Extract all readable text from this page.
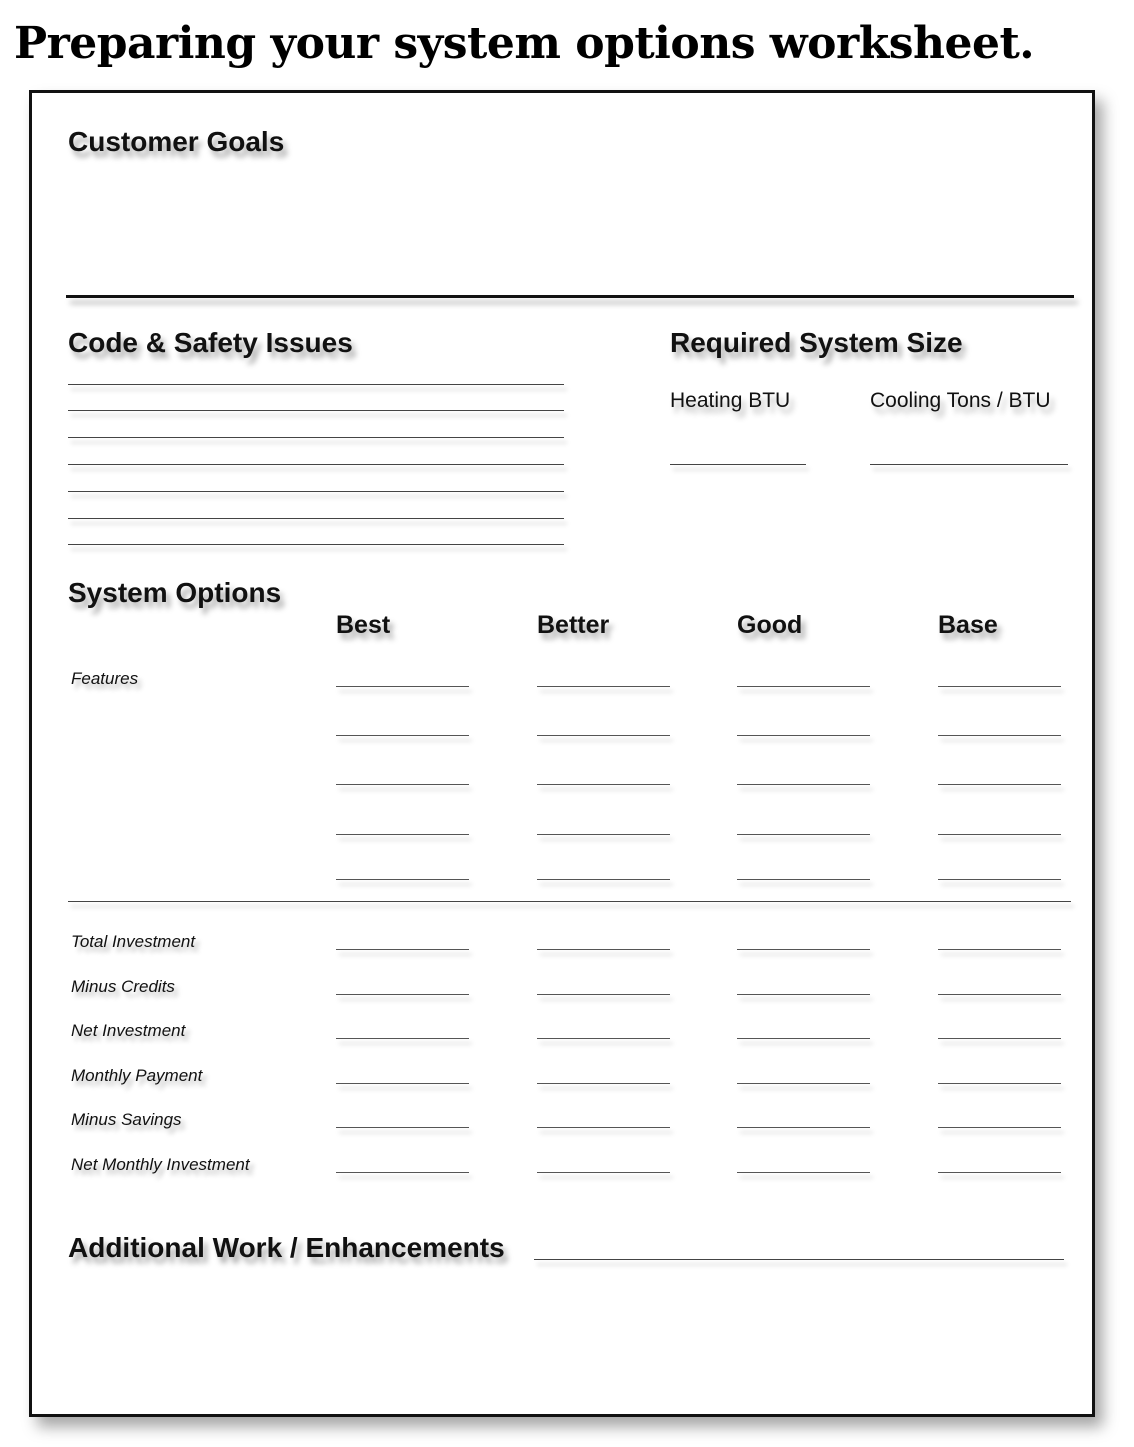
Preparing your system options worksheet.
Customer Goals
Code & Safety Issues	Required System Size
Heating BTU	Cooling Tons / BTU
System Options
Best	Better	Good	Base
Features
Total Investment
Minus Credits
Net Investment
Monthly Payment
Minus Savings
Net Monthly Investment
Additional Work / Enhancements
